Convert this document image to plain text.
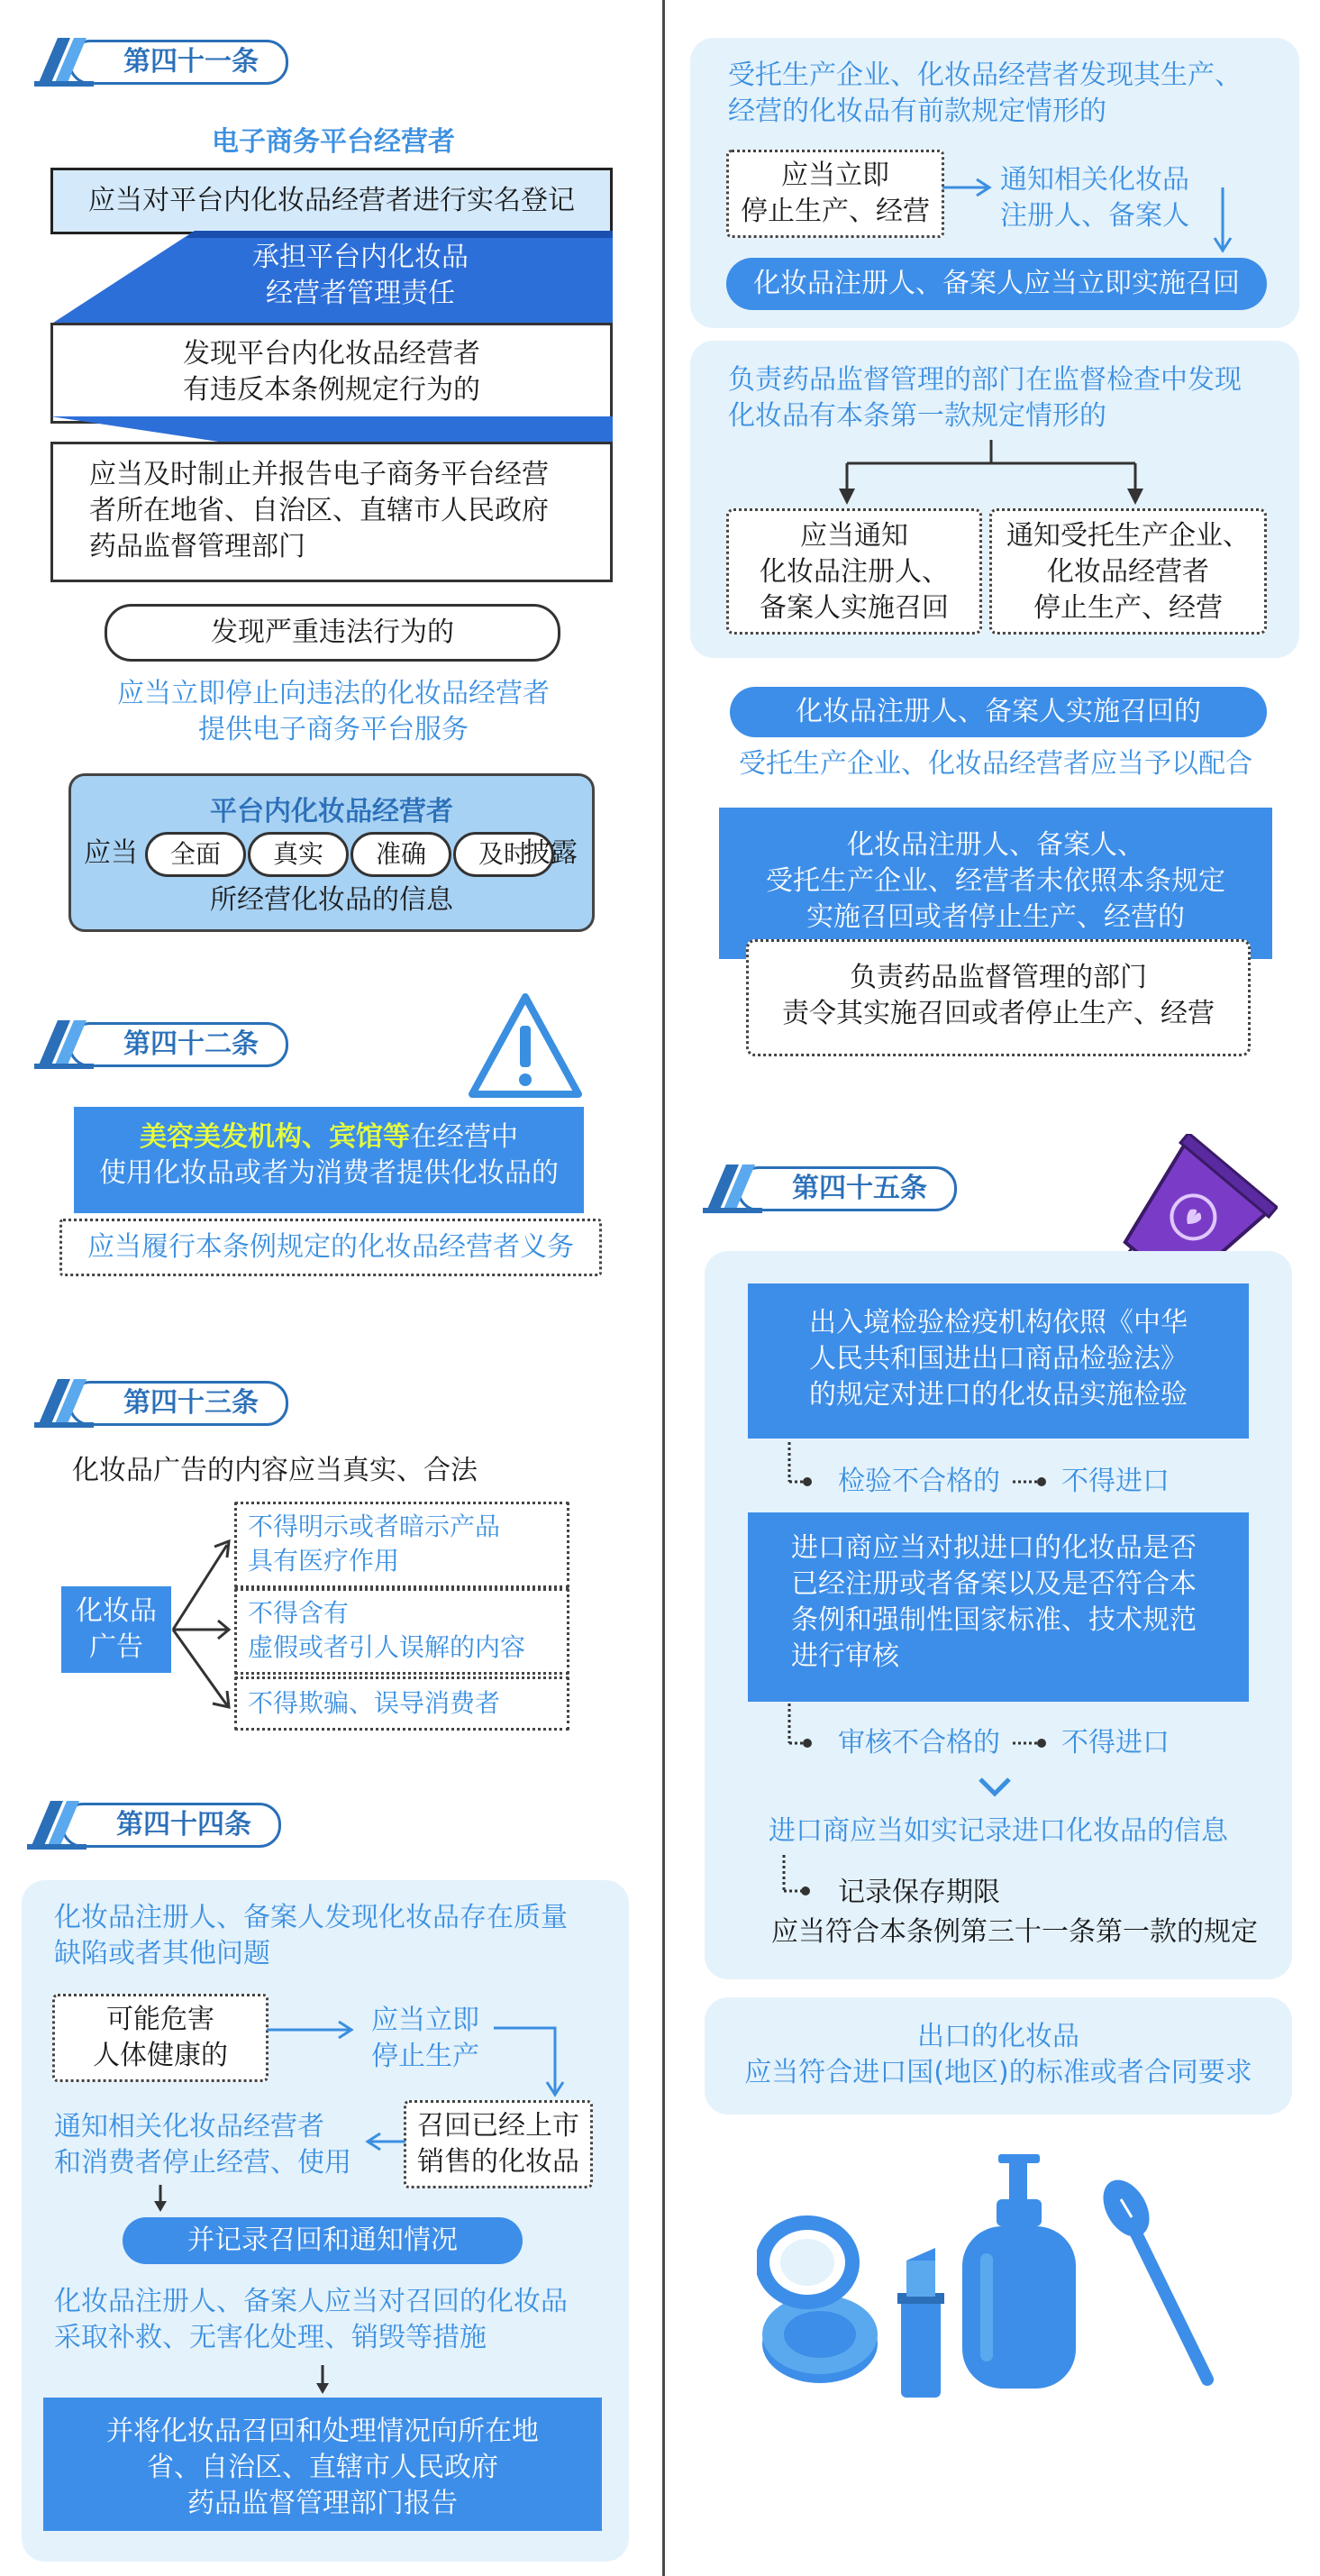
第四十一条
电子商务平台经营者
应当对平台内化妆品经营者进行实名登记
承担平台内化妆品
经营者管理责任
发现平台内化妆品经营者
有违反本条例规定行为的
应当及时制止并报告电子商务平台经营
者所在地省、自治区、直辖市人民政府
药品监督管理部门
发现严重违法行为的
应当立即停止向违法的化妆品经营者
提供电子商务平台服务
平台内化妆品经营者
应当	全面	真实	准确	及时
披露
所经营化妆品的信息
第四十二条
美容美发机构、宾馆等在经营中
使用化妆品或者为消费者提供化妆品的
应当履行本条例规定的化妆品经营者义务
第四十三条
化妆品广告的内容应当真实、合法
化妆品
广告
不得明示或者暗示产品
具有医疗作用
不得含有
虚假或者引人误解的内容
不得欺骗、误导消费者
第四十四条
化妆品注册人、备案人发现化妆品存在质量
缺陷或者其他问题
可能危害
人体健康的
应当立即
停止生产
召回已经上市
销售的化妆品
通知相关化妆品经营者
和消费者停止经营、使用
并记录召回和通知情况
化妆品注册人、备案人应当对召回的化妆品
采取补救、无害化处理、销毁等措施
并将化妆品召回和处理情况向所在地
省、自治区、直辖市人民政府
药品监督管理部门报告
受托生产企业、化妆品经营者发现其生产、
经营的化妆品有前款规定情形的
应当立即
停止生产、经营
通知相关化妆品
注册人、备案人
化妆品注册人、备案人应当立即实施召回
负责药品监督管理的部门在监督检查中发现
化妆品有本条第一款规定情形的
应当通知
化妆品注册人、
备案人实施召回
通知受托生产企业、
化妆品经营者
停止生产、经营
化妆品注册人、备案人实施召回的
受托生产企业、化妆品经营者应当予以配合
化妆品注册人、备案人、
受托生产企业、经营者未依照本条规定
实施召回或者停止生产、经营的
负责药品监督管理的部门
责令其实施召回或者停止生产、经营
第四十五条
出入境检验检疫机构依照《中华
人民共和国进出口商品检验法》
的规定对进口的化妆品实施检验
检验不合格的 不得进口
进口商应当对拟进口的化妆品是否
已经注册或者备案以及是否符合本
条例和强制性国家标准、技术规范
进行审核
审核不合格的 不得进口
进口商应当如实记录进口化妆品的信息
记录保存期限
应当符合本条例第三十一条第一款的规定
出口的化妆品
应当符合进口国(地区)的标准或者合同要求
